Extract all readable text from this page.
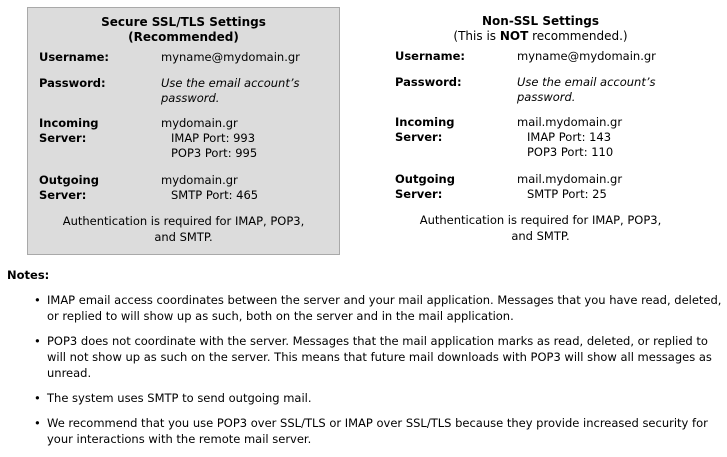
Secure SSL/TLS Settings
(Recommended)
Username:	myname@mydomain.gr
Password:	Use the email account’s password.
Incoming Server:
mydomain.gr
IMAP Port: 993
POP3 Port: 995
Outgoing Server:
mydomain.gr
SMTP Port: 465
Authentication is required for IMAP, POP3, and SMTP.
Non-SSL Settings
(This is NOT recommended.)
Username:	myname@mydomain.gr
Password:	Use the email account’s password.
Incoming Server:
mail.mydomain.gr
IMAP Port: 143
POP3 Port: 110
Outgoing Server:
mail.mydomain.gr
SMTP Port: 25
Authentication is required for IMAP, POP3, and SMTP.
Notes:
• IMAP email access coordinates between the server and your mail application. Messages that you have read, deleted, or replied to will show up as such, both on the server and in the mail application.
• POP3 does not coordinate with the server. Messages that the mail application marks as read, deleted, or replied to will not show up as such on the server. This means that future mail downloads with POP3 will show all messages as unread.
• The system uses SMTP to send outgoing mail.
• We recommend that you use POP3 over SSL/TLS or IMAP over SSL/TLS because they provide increased security for your interactions with the remote mail server.
